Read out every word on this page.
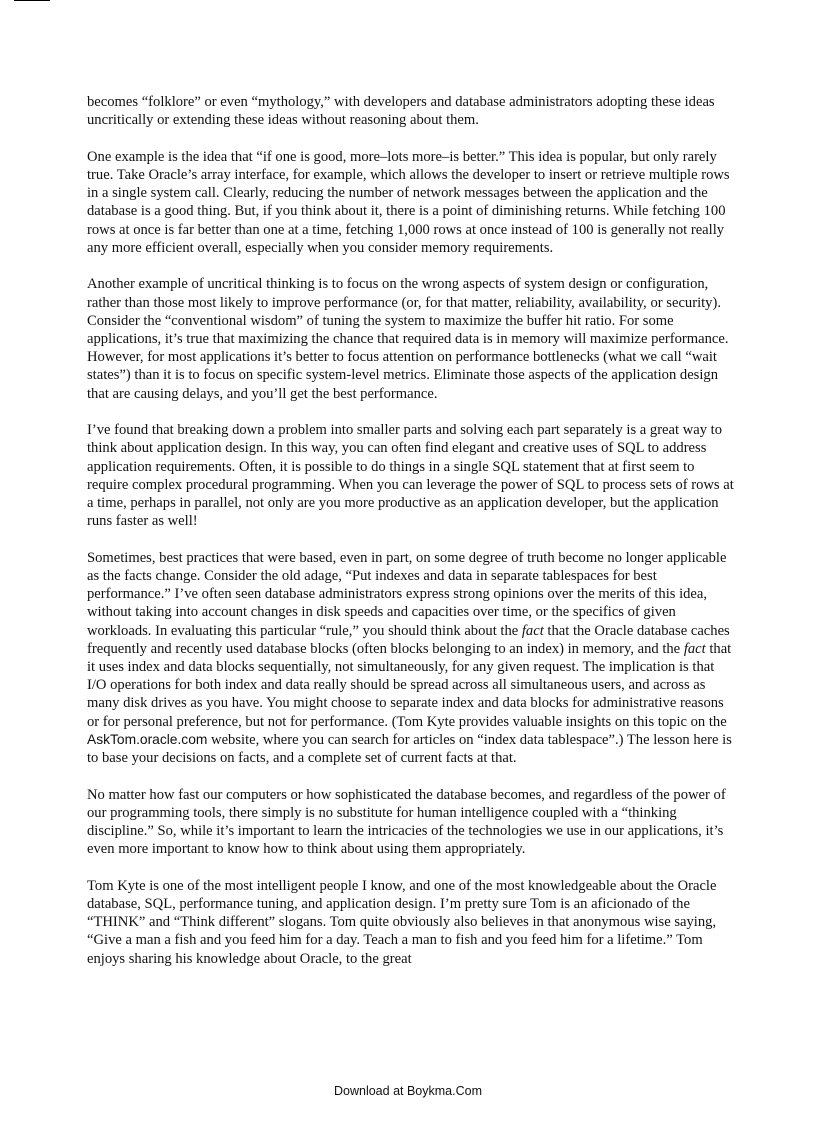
becomes “folklore” or even “mythology,” with developers and database administrators adopting these ideas uncritically or extending these ideas without reasoning about them.

One example is the idea that “if one is good, more–lots more–is better.” This idea is popular, but only rarely true. Take Oracle’s array interface, for example, which allows the developer to insert or retrieve multiple rows in a single system call. Clearly, reducing the number of network messages between the application and the database is a good thing. But, if you think about it, there is a point of diminishing returns. While fetching 100 rows at once is far better than one at a time, fetching 1,000 rows at once instead of 100 is generally not really any more efficient overall, especially when you consider memory requirements.

Another example of uncritical thinking is to focus on the wrong aspects of system design or configuration, rather than those most likely to improve performance (or, for that matter, reliability, availability, or security). Consider the “conventional wisdom” of tuning the system to maximize the buffer hit ratio. For some applications, it’s true that maximizing the chance that required data is in memory will maximize performance. However, for most applications it’s better to focus attention on performance bottlenecks (what we call “wait states”) than it is to focus on specific system-level metrics. Eliminate those aspects of the application design that are causing delays, and you’ll get the best performance.

I’ve found that breaking down a problem into smaller parts and solving each part separately is a great way to think about application design. In this way, you can often find elegant and creative uses of SQL to address application requirements. Often, it is possible to do things in a single SQL statement that at first seem to require complex procedural programming. When you can leverage the power of SQL to process sets of rows at a time, perhaps in parallel, not only are you more productive as an application developer, but the application runs faster as well!

Sometimes, best practices that were based, even in part, on some degree of truth become no longer applicable as the facts change. Consider the old adage, “Put indexes and data in separate tablespaces for best performance.” I’ve often seen database administrators express strong opinions over the merits of this idea, without taking into account changes in disk speeds and capacities over time, or the specifics of given workloads. In evaluating this particular “rule,” you should think about the fact that the Oracle database caches frequently and recently used database blocks (often blocks belonging to an index) in memory, and the fact that it uses index and data blocks sequentially, not simultaneously, for any given request. The implication is that I/O operations for both index and data really should be spread across all simultaneous users, and across as many disk drives as you have. You might choose to separate index and data blocks for administrative reasons or for personal preference, but not for performance. (Tom Kyte provides valuable insights on this topic on the AskTom.oracle.com website, where you can search for articles on “index data tablespace”.) The lesson here is to base your decisions on facts, and a complete set of current facts at that.

No matter how fast our computers or how sophisticated the database becomes, and regardless of the power of our programming tools, there simply is no substitute for human intelligence coupled with a “thinking discipline.” So, while it’s important to learn the intricacies of the technologies we use in our applications, it’s even more important to know how to think about using them appropriately.

Tom Kyte is one of the most intelligent people I know, and one of the most knowledgeable about the Oracle database, SQL, performance tuning, and application design. I’m pretty sure Tom is an aficionado of the “THINK” and “Think different” slogans. Tom quite obviously also believes in that anonymous wise saying, “Give a man a fish and you feed him for a day. Teach a man to fish and you feed him for a lifetime.” Tom enjoys sharing his knowledge about Oracle, to the great

Download at Boykma.Com
